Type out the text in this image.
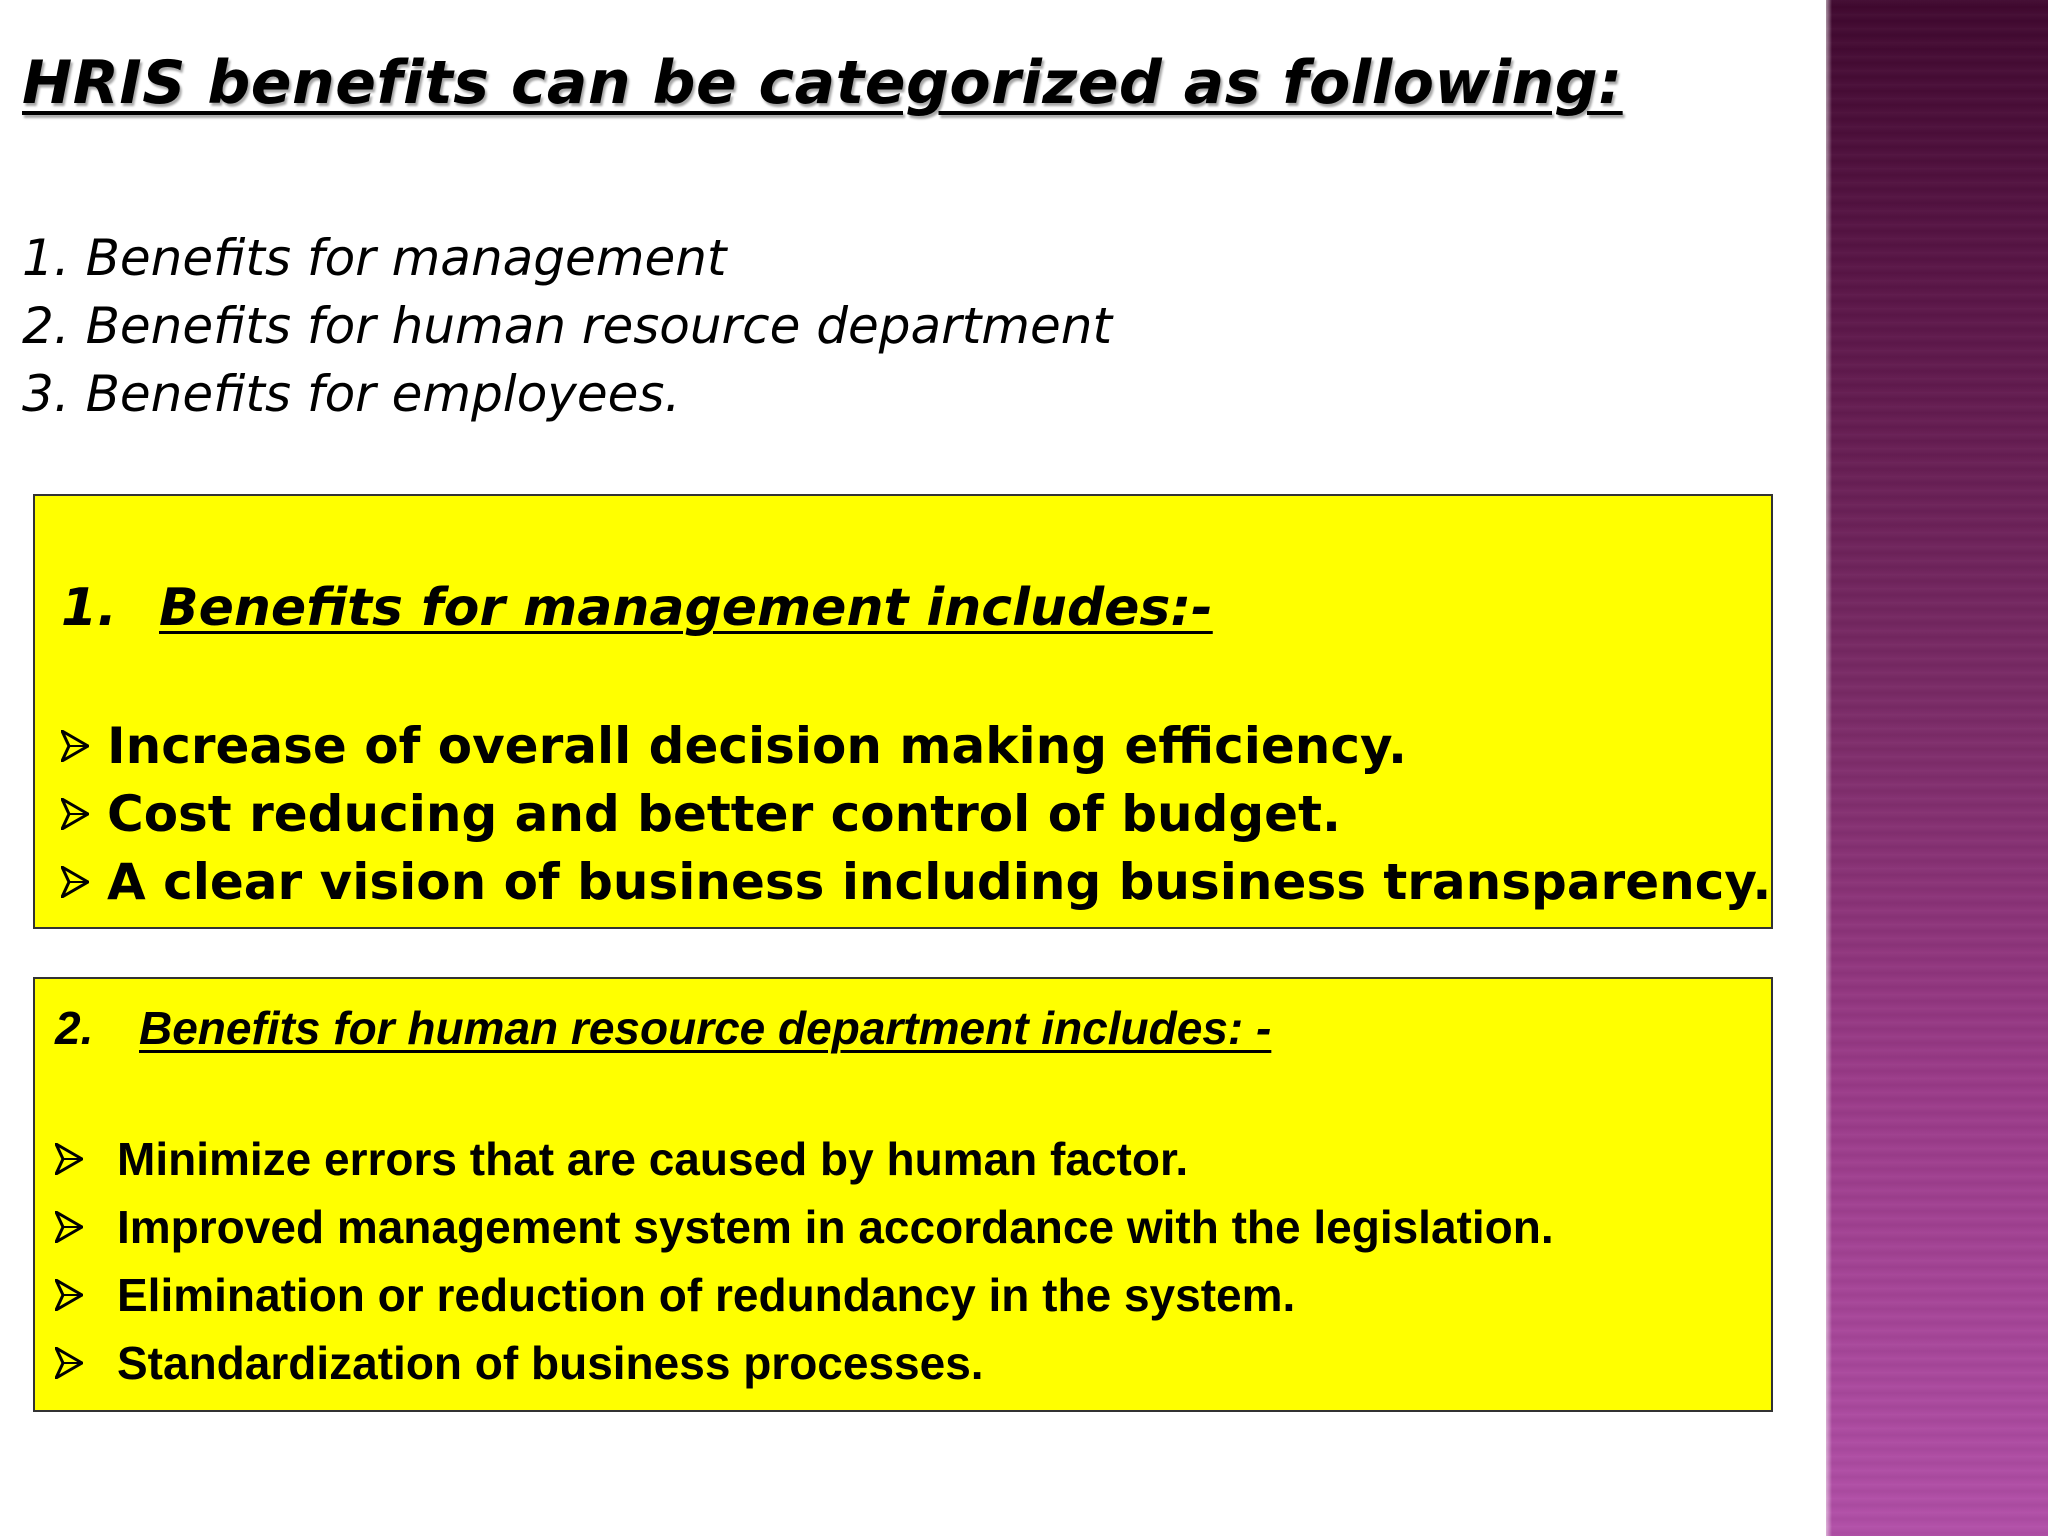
HRIS benefits can be categorized as following:
1. Benefits for management
2. Benefits for human resource department
3. Benefits for employees.
1. Benefits for management includes:-
Increase of overall decision making efficiency.
Cost reducing and better control of budget.
A clear vision of business including business transparency.
2. Benefits for human resource department includes: -
Minimize errors that are caused by human factor.
Improved management system in accordance with the legislation.
Elimination or reduction of redundancy in the system.
Standardization of business processes.
